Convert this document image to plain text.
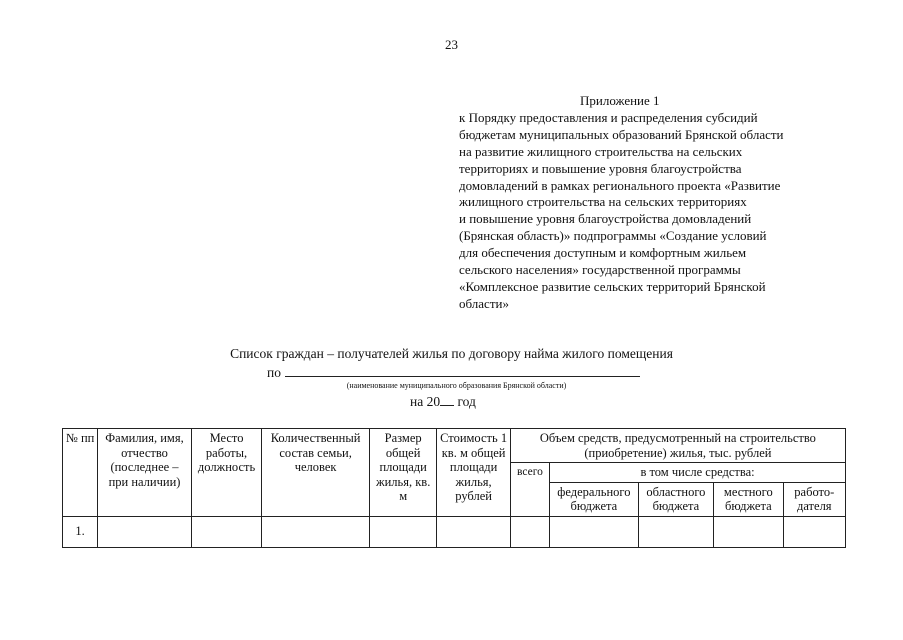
23
Приложение 1
к Порядку предоставления и распределения субсидий
бюджетам муниципальных образований Брянской области
на развитие жилищного строительства на сельских
территориях и повышение уровня благоустройства
домовладений в рамках регионального проекта «Развитие
жилищного строительства на сельских территориях
и повышение уровня благоустройства домовладений
(Брянская область)» подпрограммы «Создание условий
для обеспечения доступным и комфортным жильем
сельского населения» государственной программы
«Комплексное развитие сельских территорий Брянской
области»
Список граждан – получателей жилья по договору найма жилого помещения
по
(наименование муниципального образования Брянской области)
на 20 год
№ пп	Фамилия, имя, отчество (последнее – при наличии)	Место работы, должность	Количественный состав семьи, человек	Размер общей площади жилья, кв. м	Стоимость 1 кв. м общей площади жилья, рублей	Объем средств, предусмотренный на строительство (приобретение) жилья, тыс. рублей				
						всего	в том числе средства:			
							федерального бюджета	областного бюджета	местного бюджета	работо-дателя
1.										
